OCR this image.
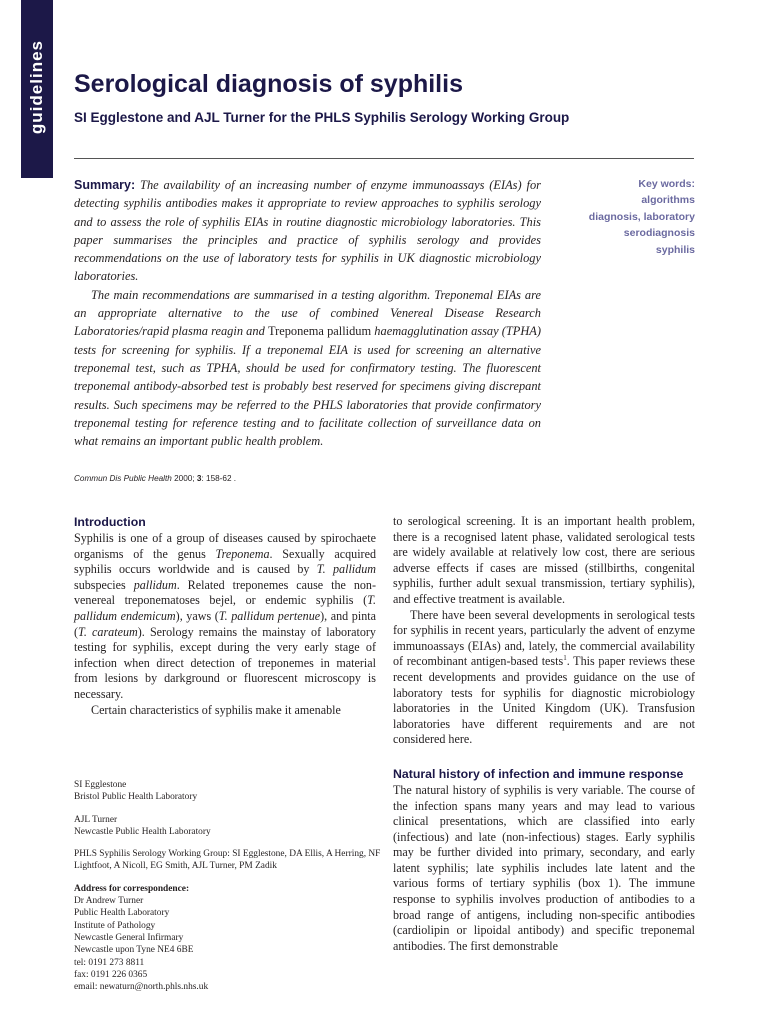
guidelines Serological diagnosis of syphilis

SI Egglestone and AJL Turner for the PHLS Syphilis Serology Working Group

Summary: The availability of an increasing number of enzyme immunoassays (EIAs) for detecting syphilis antibodies makes it appropriate to review approaches to syphilis serology and to assess the role of syphilis EIAs in routine diagnostic microbiology laboratories. This paper summarises the principles and practice of syphilis serology and provides recommendations on the use of laboratory tests for syphilis in UK diagnostic microbiology laboratories.

The main recommendations are summarised in a testing algorithm. Treponemal EIAs are an appropriate alternative to the use of combined Venereal Disease Research Laboratories/rapid plasma reagin and Treponema pallidum haemagglutination assay (TPHA) tests for screening for syphilis. If a treponemal EIA is used for screening an alternative treponemal test, such as TPHA, should be used for confirmatory testing. The fluorescent treponemal antibody-absorbed test is probably best reserved for specimens giving discrepant results. Such specimens may be referred to the PHLS laboratories that provide confirmatory treponemal testing for reference testing and to facilitate collection of surveillance data on what remains an important public health problem.

Commun Dis Public Health 2000; 3: 158-62 .
Key words:
algorithms
diagnosis, laboratory
serodiagnosis
syphilis
Introduction

Syphilis is one of a group of diseases caused by spirochaete organisms of the genus Treponema. Sexually acquired syphilis occurs worldwide and is caused by T. pallidum subspecies pallidum. Related treponemes cause the non-venereal treponematoses bejel, or endemic syphilis (T. pallidum endemicum), yaws (T. pallidum pertenue), and pinta (T. carateum). Serology remains the mainstay of laboratory testing for syphilis, except during the very early stage of infection when direct detection of treponemes in material from lesions by darkground or fluorescent microscopy is necessary.

Certain characteristics of syphilis make it amenable

to serological screening. It is an important health problem, there is a recognised latent phase, validated serological tests are widely available at relatively low cost, there are serious adverse effects if cases are missed (stillbirths, congenital syphilis, further adult sexual transmission, tertiary syphilis), and effective treatment is available.

There have been several developments in serological tests for syphilis in recent years, particularly the advent of enzyme immunoassays (EIAs) and, lately, the commercial availability of recombinant antigen-based tests$^1$. This paper reviews these recent developments and provides guidance on the use of laboratory tests for syphilis for diagnostic microbiology laboratories in the United Kingdom (UK). Transfusion laboratories have different requirements and are not considered here.

Natural history of infection and immune response

The natural history of syphilis is very variable. The course of the infection spans many years and may lead to various clinical presentations, which are classified into early (infectious) and late (non-infectious) stages. Early syphilis may be further divided into primary, secondary, and early latent syphilis; late syphilis includes late latent and the various forms of tertiary syphilis (box 1). The immune response to syphilis involves production of antibodies to a broad range of antigens, including non-specific antibodies (cardiolipin or lipoidal antibody) and specific treponemal antibodies. The first demonstrable

SI Egglestone
Bristol Public Health Laboratory
AJL Turner
Newcastle Public Health Laboratory
PHLS Syphilis Serology Working Group: SI Egglestone, DA Ellis, A Herring, NF Lightfoot, A Nicoll, EG Smith, AJL Turner, PM Zadik
Address for correspondence:
Dr Andrew Turner
Public Health Laboratory
Institute of Pathology
Newcastle General Infirmary
Newcastle upon Tyne NE4 6BE
tel: 0191 273 8811
fax: 0191 226 0365
email: newaturn@north.phls.nhs.uk
